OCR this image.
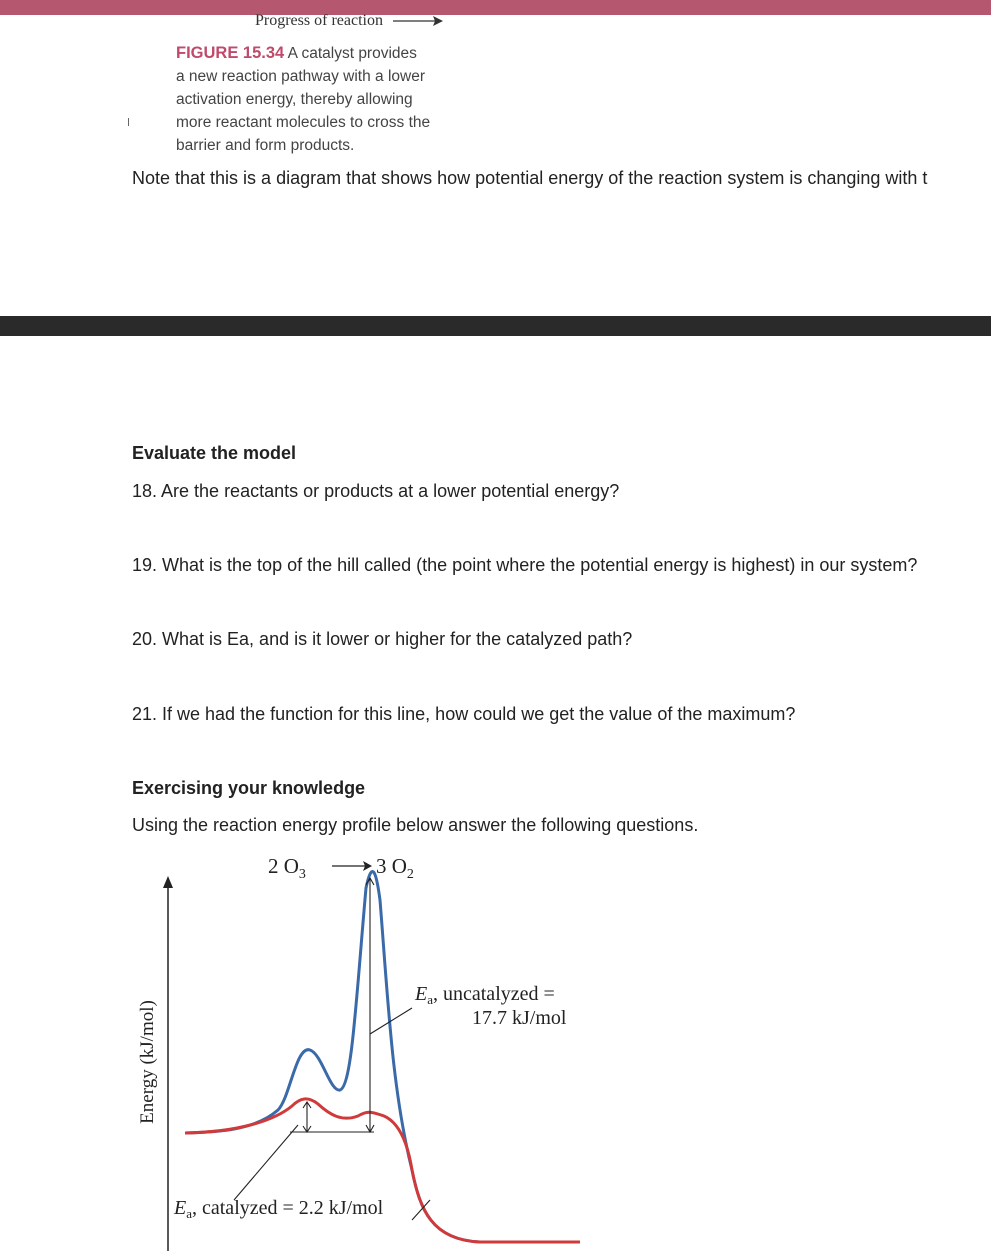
Progress of reaction
FIGURE 15.34 A catalyst provides
a new reaction pathway with a lower
activation energy, thereby allowing
more reactant molecules to cross the
barrier and form products.
Note that this is a diagram that shows how potential energy of the reaction system is changing with t
Evaluate the model
18. Are the reactants or products at a lower potential energy?
19. What is the top of the hill called (the point where the potential energy is highest) in our system?
20. What is Ea, and is it lower or higher for the catalyzed path?
21. If we had the function for this line, how could we get the value of the maximum?
Exercising your knowledge
Using the reaction energy profile below answer the following questions.
2 $O_3$	3 $O_2$
Energy (kJ/mol)
$E_a$, uncatalyzed =
17.7 kJ/mol
$E_a$, catalyzed = 2.2 kJ/mol
